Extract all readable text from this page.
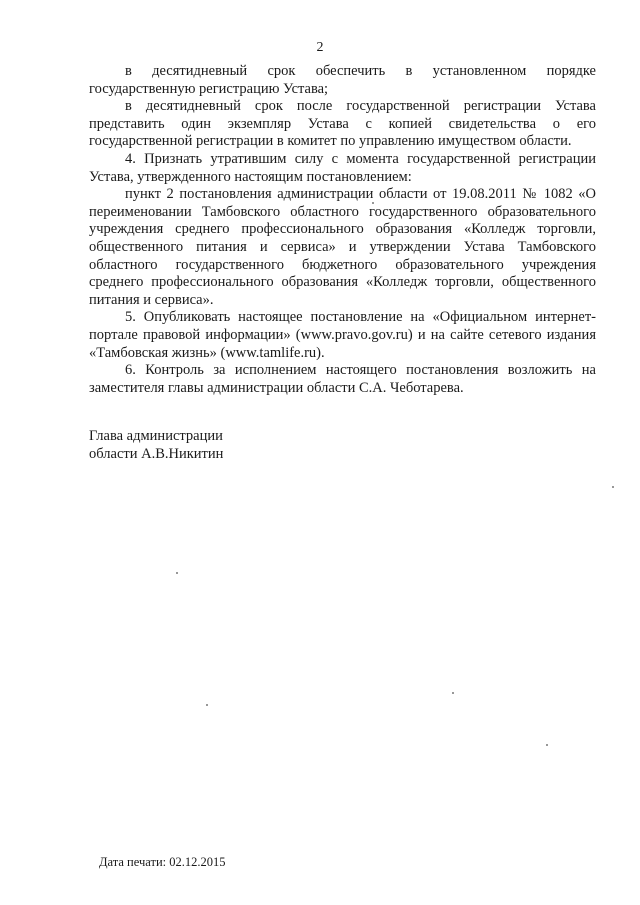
2

в десятидневный срок обеспечить в установленном порядке государственную регистрацию Устава;

в десятидневный срок после государственной регистрации Устава представить один экземпляр Устава с копией свидетельства о его государственной регистрации в комитет по управлению имуществом области.

4. Признать утратившим силу с момента государственной регистрации Устава, утвержденного настоящим постановлением:

пункт 2 постановления администрации области от 19.08.2011 № 1082 «О переименовании Тамбовского областного государственного образовательного учреждения среднего профессионального образования «Колледж торговли, общественного питания и сервиса» и утверждении Устава Тамбовского областного государственного бюджетного образовательного учреждения среднего профессионального образования «Колледж торговли, общественного питания и сервиса».

5. Опубликовать настоящее постановление на «Официальном интернет-портале правовой информации» (www.pravo.gov.ru) и на сайте сетевого издания «Тамбовская жизнь» (www.tamlife.ru).

6. Контроль за исполнением настоящего постановления возложить на заместителя главы администрации области С.А. Чеботарева.

Глава администрации
области А.В.Никитин
Дата печати: 02.12.2015
